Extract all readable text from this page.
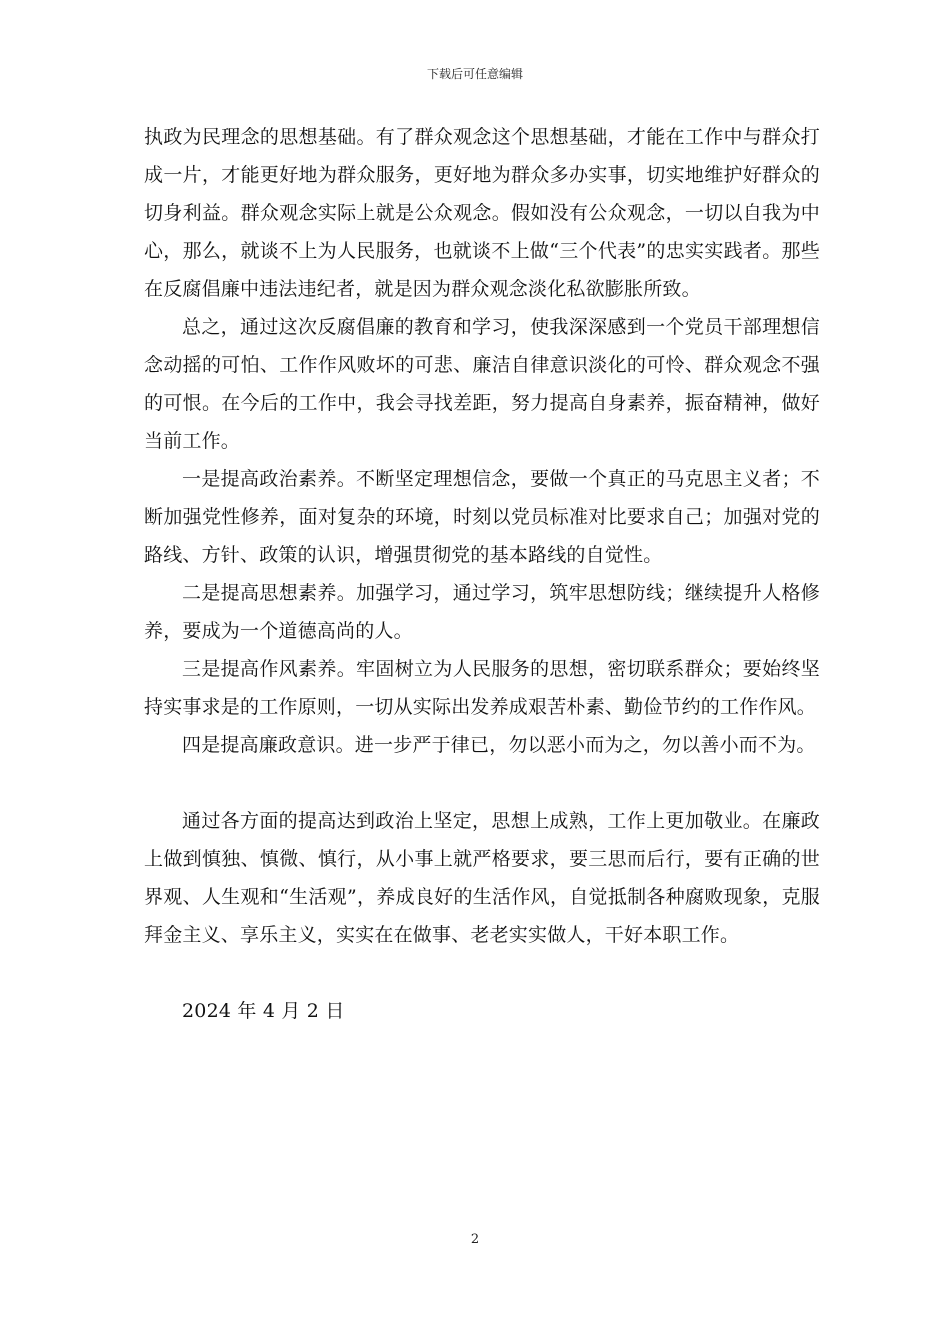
下载后可任意编辑

执政为民理念的思想基础。有了群众观念这个思想基础，才能在工作中与群众打成一片，才能更好地为群众服务，更好地为群众多办实事，切实地维护好群众的切身利益。群众观念实际上就是公众观念。假如没有公众观念，一切以自我为中心，那么，就谈不上为人民服务，也就谈不上做“三个代表”的忠实实践者。那些在反腐倡廉中违法违纪者，就是因为群众观念淡化私欲膨胀所致。

总之，通过这次反腐倡廉的教育和学习，使我深深感到一个党员干部理想信念动摇的可怕、工作作风败坏的可悲、廉洁自律意识淡化的可怜、群众观念不强的可恨。在今后的工作中，我会寻找差距，努力提高自身素养，振奋精神，做好当前工作。

一是提高政治素养。不断坚定理想信念，要做一个真正的马克思主义者；不断加强党性修养，面对复杂的环境，时刻以党员标准对比要求自己；加强对党的路线、方针、政策的认识，增强贯彻党的基本路线的自觉性。

二是提高思想素养。加强学习，通过学习，筑牢思想防线；继续提升人格修养，要成为一个道德高尚的人。

三是提高作风素养。牢固树立为人民服务的思想，密切联系群众；要始终坚持实事求是的工作原则，一切从实际出发养成艰苦朴素、勤俭节约的工作作风。

四是提高廉政意识。进一步严于律已，勿以恶小而为之，勿以善小而不为。

通过各方面的提高达到政治上坚定，思想上成熟，工作上更加敬业。在廉政上做到慎独、慎微、慎行，从小事上就严格要求，要三思而后行，要有正确的世界观、人生观和“生活观”，养成良好的生活作风，自觉抵制各种腐败现象，克服拜金主义、享乐主义，实实在在做事、老老实实做人，干好本职工作。

2024 年 4 月 2 日

2
